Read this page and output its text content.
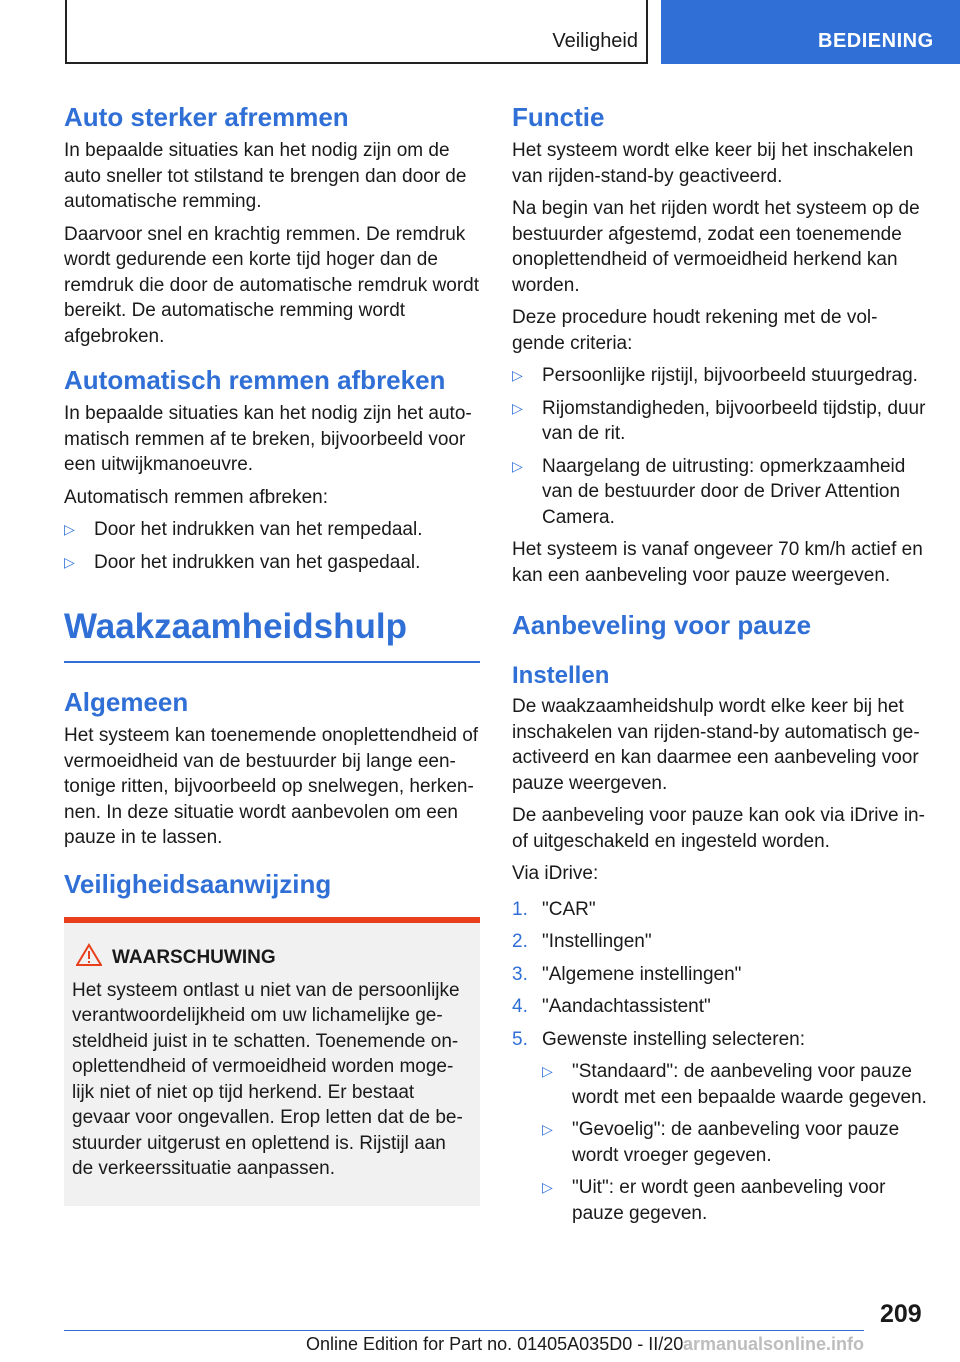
Veiligheid	BEDIENING
Auto sterker afremmen

In bepaalde situaties kan het nodig zijn om de auto sneller tot stilstand te brengen dan door de automatische remming.

Daarvoor snel en krachtig remmen. De remdruk wordt gedurende een korte tijd hoger dan de remdruk die door de automatische remdruk wordt bereikt. De automatische remming wordt afgebroken.

Automatisch remmen afbreken

In bepaalde situaties kan het nodig zijn het auto-matisch remmen af te breken, bijvoorbeeld voor een uitwijkmanoeuvre.

Automatisch remmen afbreken:

▷ Door het indrukken van het rempedaal.
▷ Door het indrukken van het gaspedaal.
Waakzaamheidshulp
Algemeen

Het systeem kan toenemende onoplettendheid of vermoeidheid van de bestuurder bij lange een-tonige ritten, bijvoorbeeld op snelwegen, herken-nen. In deze situatie wordt aanbevolen om een pauze in te lassen.

Veiligheidsaanwijzing
WAARSCHUWING

Het systeem ontlast u niet van de persoonlijke verantwoordelijkheid om uw lichamelijke ge-steldheid juist in te schatten. Toenemende on-oplettendheid of vermoeidheid worden moge-lijk niet of niet op tijd herkend. Er bestaat gevaar voor ongevallen. Erop letten dat de be-stuurder uitgerust en oplettend is. Rijstijl aan de verkeerssituatie aanpassen.

Functie

Het systeem wordt elke keer bij het inschakelen van rijden-stand-by geactiveerd.

Na begin van het rijden wordt het systeem op de bestuurder afgestemd, zodat een toenemende onoplettendheid of vermoeidheid herkend kan worden.

Deze procedure houdt rekening met de vol-gende criteria:

▷ Persoonlijke rijstijl, bijvoorbeeld stuurgedrag.
▷ Rijomstandigheden, bijvoorbeeld tijdstip, duur van de rit.
▷ Naargelang de uitrusting: opmerkzaamheid van de bestuurder door de Driver Attention Camera.

Het systeem is vanaf ongeveer 70 km/h actief en kan een aanbeveling voor pauze weergeven.

Aanbeveling voor pauze
Instellen

De waakzaamheidshulp wordt elke keer bij het inschakelen van rijden-stand-by automatisch ge-activeerd en kan daarmee een aanbeveling voor pauze weergeven.

De aanbeveling voor pauze kan ook via iDrive in-of uitgeschakeld en ingesteld worden.

Via iDrive:

1. "CAR"
2. "Instellingen"
3. "Algemene instellingen"
4. "Aandachtassistent"
5. Gewenste instelling selecteren:
▷ "Standaard": de aanbeveling voor pauze wordt met een bepaalde waarde gegeven.
▷ "Gevoelig": de aanbeveling voor pauze wordt vroeger gegeven.
▷ "Uit": er wordt geen aanbeveling voor pauze gegeven.
209
Online Edition for Part no. 01405A035D0 - II/20 armanualsonline.info
